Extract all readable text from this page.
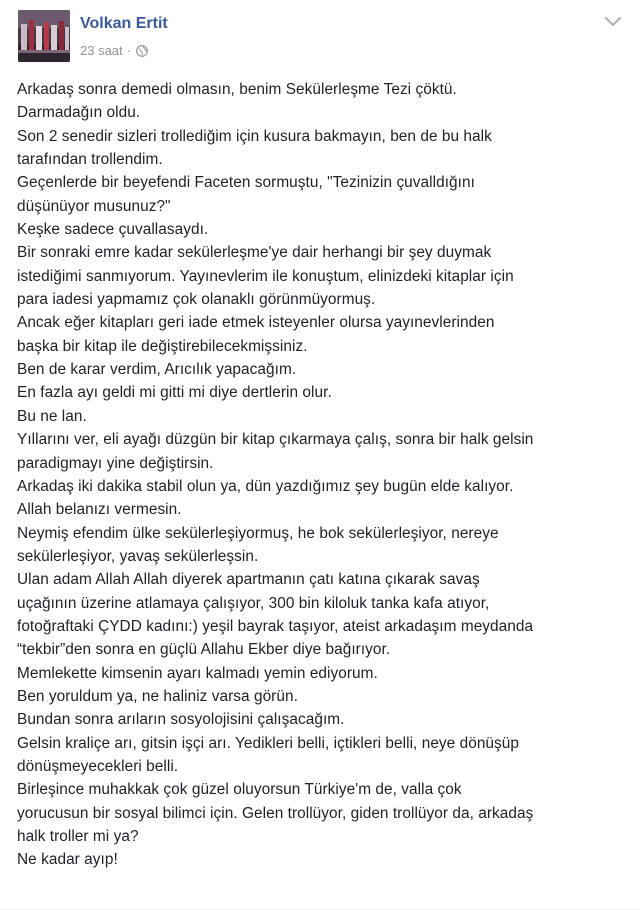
Volkan Ertit
23 saat ·
Arkadaş sonra demedi olmasın, benim Sekülerleşme Tezi çöktü.
Darmadağın oldu.
Son 2 senedir sizleri trollediğim için kusura bakmayın, ben de bu halk
tarafından trollendim.
Geçenlerde bir beyefendi Faceten sormuştu, "Tezinizin çuvalldığını
düşünüyor musunuz?"
Keşke sadece çuvallasaydı.
Bir sonraki emre kadar sekülerleşme'ye dair herhangi bir şey duymak
istediğimi sanmıyorum. Yayınevlerim ile konuştum, elinizdeki kitaplar için
para iadesi yapmamız çok olanaklı görünmüyormuş.
Ancak eğer kitapları geri iade etmek isteyenler olursa yayınevlerinden
başka bir kitap ile değiştirebilecekmişsiniz.
Ben de karar verdim, Arıcılık yapacağım.
En fazla ayı geldi mi gitti mi diye dertlerin olur.
Bu ne lan.
Yıllarını ver, eli ayağı düzgün bir kitap çıkarmaya çalış, sonra bir halk gelsin
paradigmayı yine değiştirsin.
Arkadaş iki dakika stabil olun ya, dün yazdığımız şey bugün elde kalıyor.
Allah belanızı vermesin.
Neymiş efendim ülke sekülerleşiyormuş, he bok sekülerleşiyor, nereye
sekülerleşiyor, yavaş sekülerleşsin.
Ulan adam Allah Allah diyerek apartmanın çatı katına çıkarak savaş
uçağının üzerine atlamaya çalışıyor, 300 bin kiloluk tanka kafa atıyor,
fotoğraftaki ÇYDD kadını:) yeşil bayrak taşıyor, ateist arkadaşım meydanda
“tekbir”den sonra en güçlü Allahu Ekber diye bağırıyor.
Memlekette kimsenin ayarı kalmadı yemin ediyorum.
Ben yoruldum ya, ne haliniz varsa görün.
Bundan sonra arıların sosyolojisini çalışacağım.
Gelsin kraliçe arı, gitsin işçi arı. Yedikleri belli, içtikleri belli, neye dönüşüp
dönüşmeyecekleri belli.
Birleşince muhakkak çok güzel oluyorsun Türkiye'm de, valla çok
yorucusun bir sosyal bilimci için. Gelen trollüyor, giden trollüyor da, arkadaş
halk troller mi ya?
Ne kadar ayıp!
